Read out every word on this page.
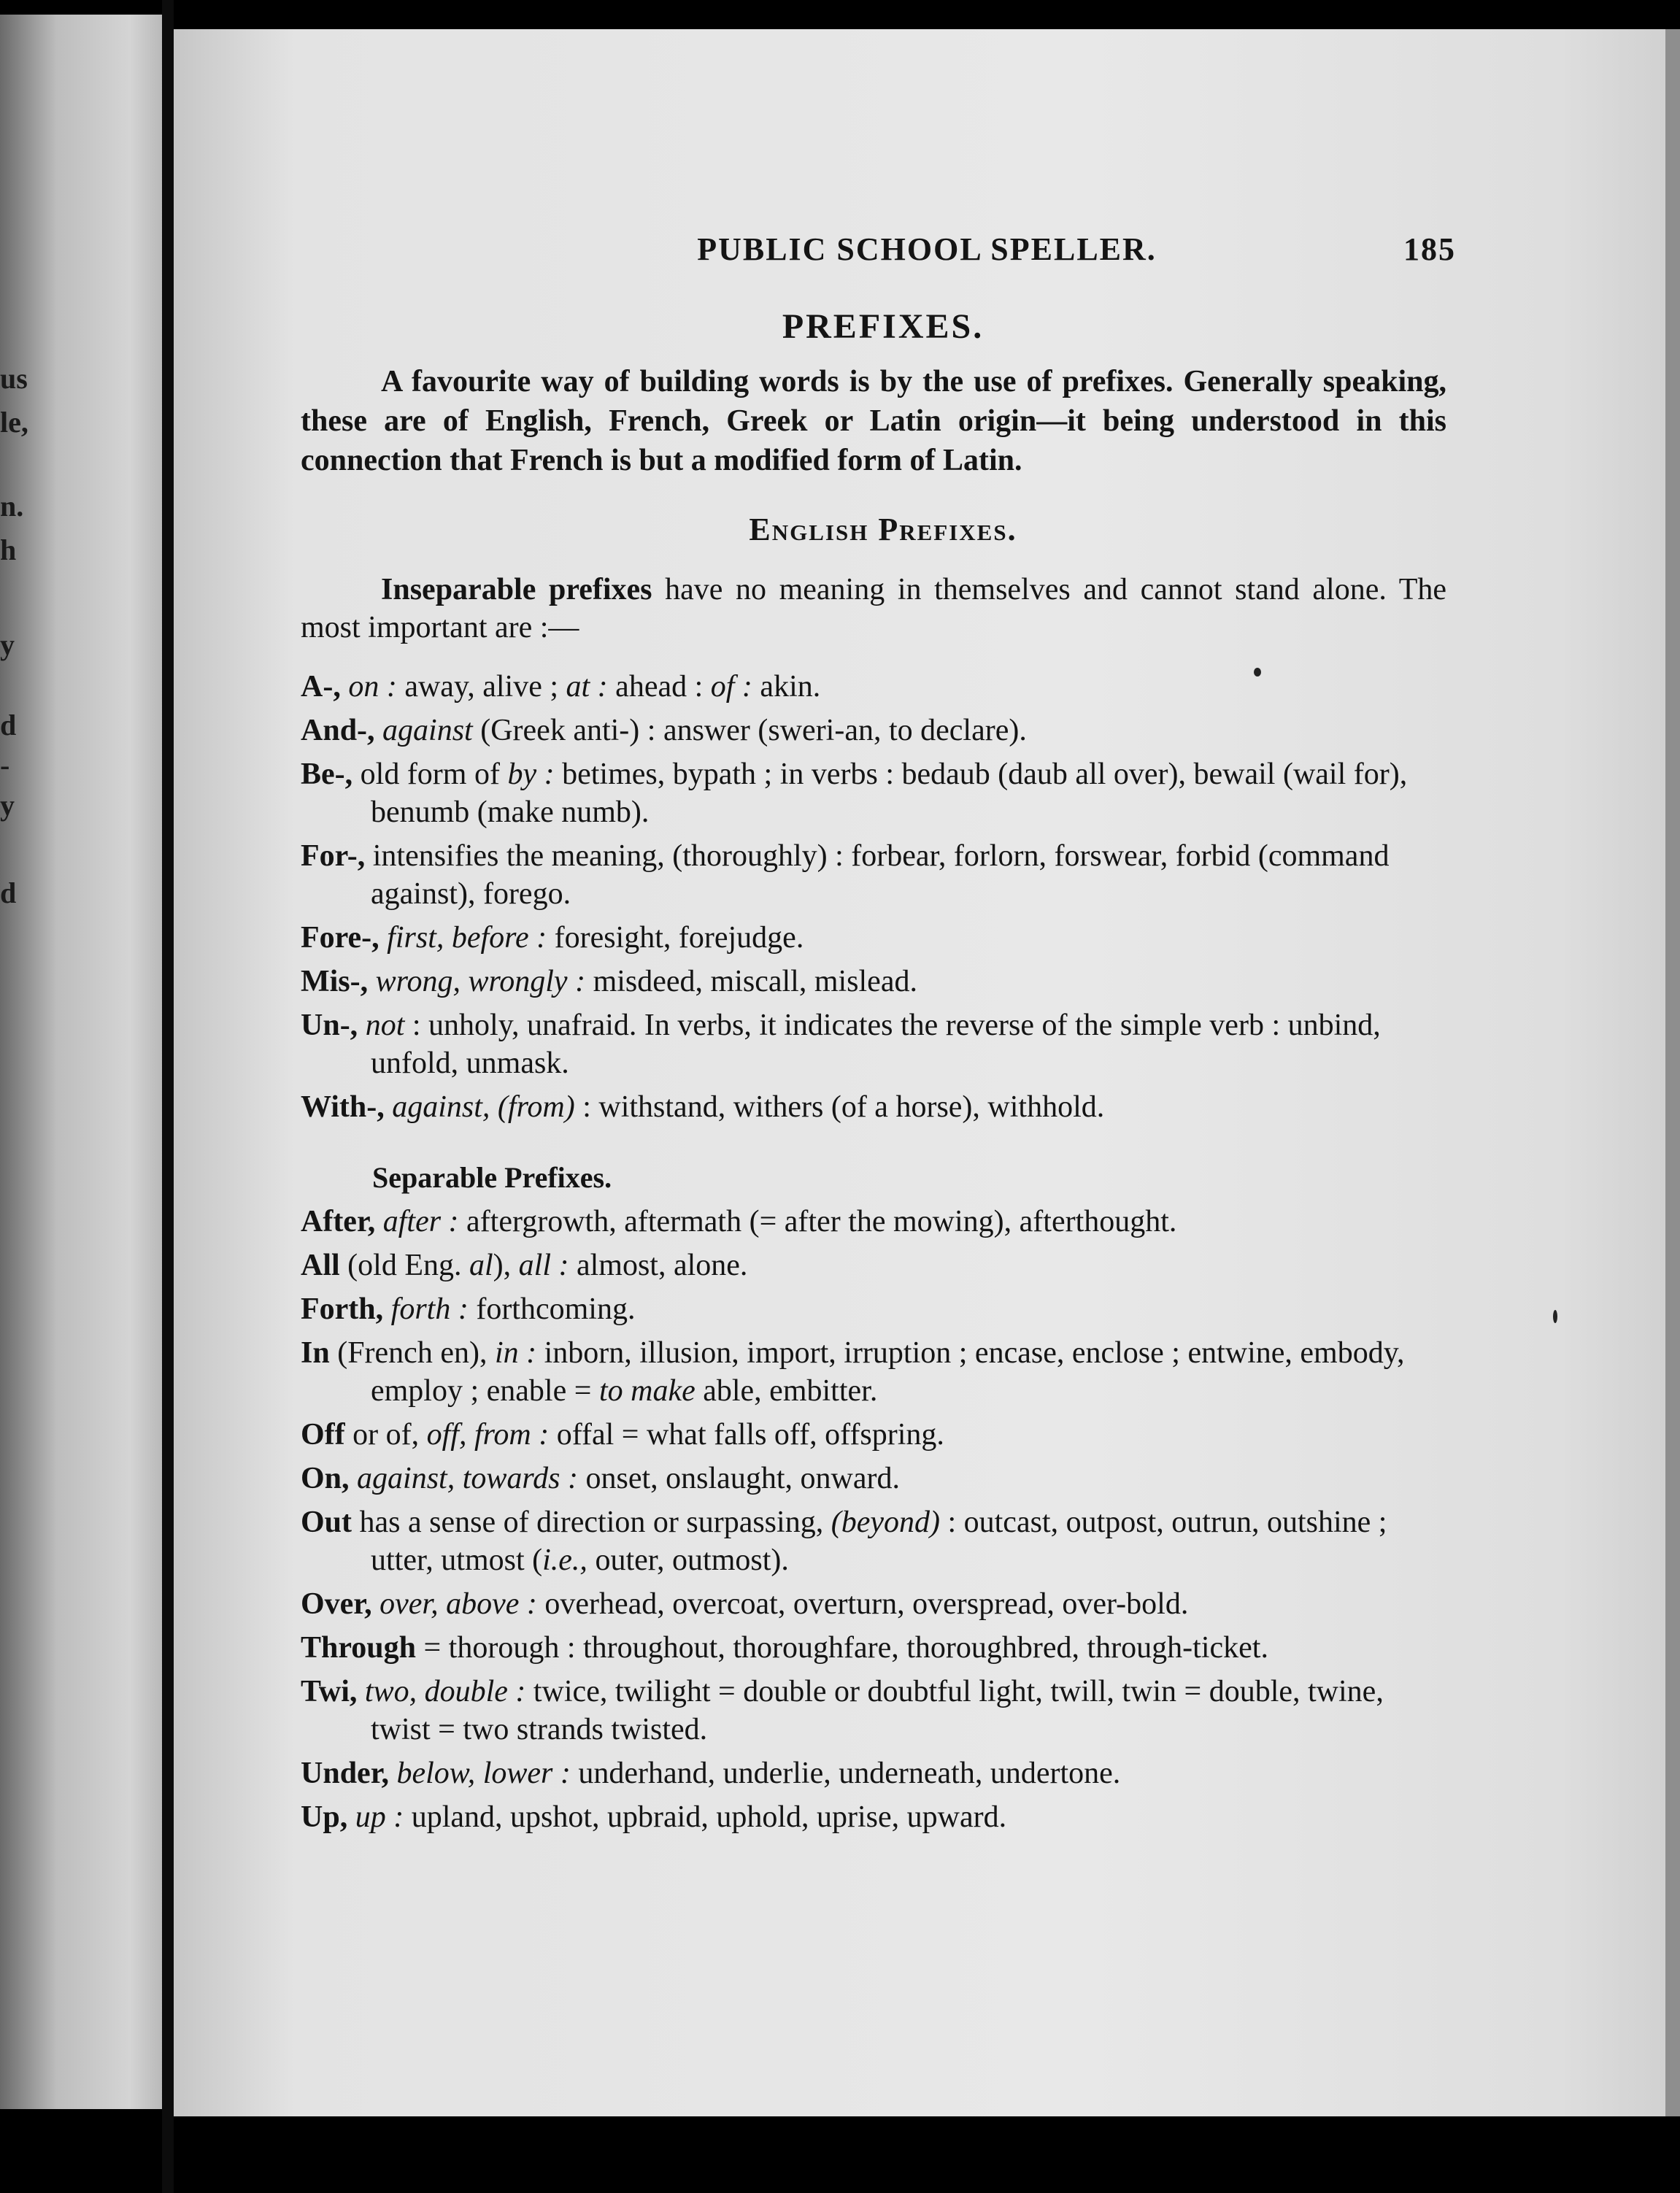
us
le,
n.
h
y
d
-
y
d
PUBLIC SCHOOL SPELLER.	185
PREFIXES.
A favourite way of building words is by the use of prefixes. Generally speaking, these are of English, French, Greek or Latin origin—it being understood in this connection that French is but a modified form of Latin.
English Prefixes.
Inseparable prefixes have no meaning in themselves and cannot stand alone. The most important are :—
A-, on : away, alive ; at : ahead : of : akin.
And-, against (Greek anti-) : answer (sweri-an, to declare).
Be-, old form of by : betimes, bypath ; in verbs : bedaub (daub all over), bewail (wail for), benumb (make numb).
For-, intensifies the meaning, (thoroughly) : forbear, forlorn, forswear, forbid (command against), forego.
Fore-, first, before : foresight, forejudge.
Mis-, wrong, wrongly : misdeed, miscall, mislead.
Un-, not : unholy, unafraid. In verbs, it indicates the reverse of the simple verb : unbind, unfold, unmask.
With-, against, (from) : withstand, withers (of a horse), withhold.
Separable Prefixes.
After, after : aftergrowth, aftermath (= after the mowing), afterthought.
All (old Eng. al), all : almost, alone.
Forth, forth : forthcoming.
In (French en), in : inborn, illusion, import, irruption ; encase, enclose ; entwine, embody, employ ; enable = to make able, embitter.
Off or of, off, from : offal = what falls off, offspring.
On, against, towards : onset, onslaught, onward.
Out has a sense of direction or surpassing, (beyond) : outcast, outpost, outrun, outshine ; utter, utmost (i.e., outer, outmost).
Over, over, above : overhead, overcoat, overturn, overspread, over-bold.
Through = thorough : throughout, thoroughfare, thoroughbred, through-ticket.
Twi, two, double : twice, twilight = double or doubtful light, twill, twin = double, twine, twist = two strands twisted.
Under, below, lower : underhand, underlie, underneath, undertone.
Up, up : upland, upshot, upbraid, uphold, uprise, upward.
